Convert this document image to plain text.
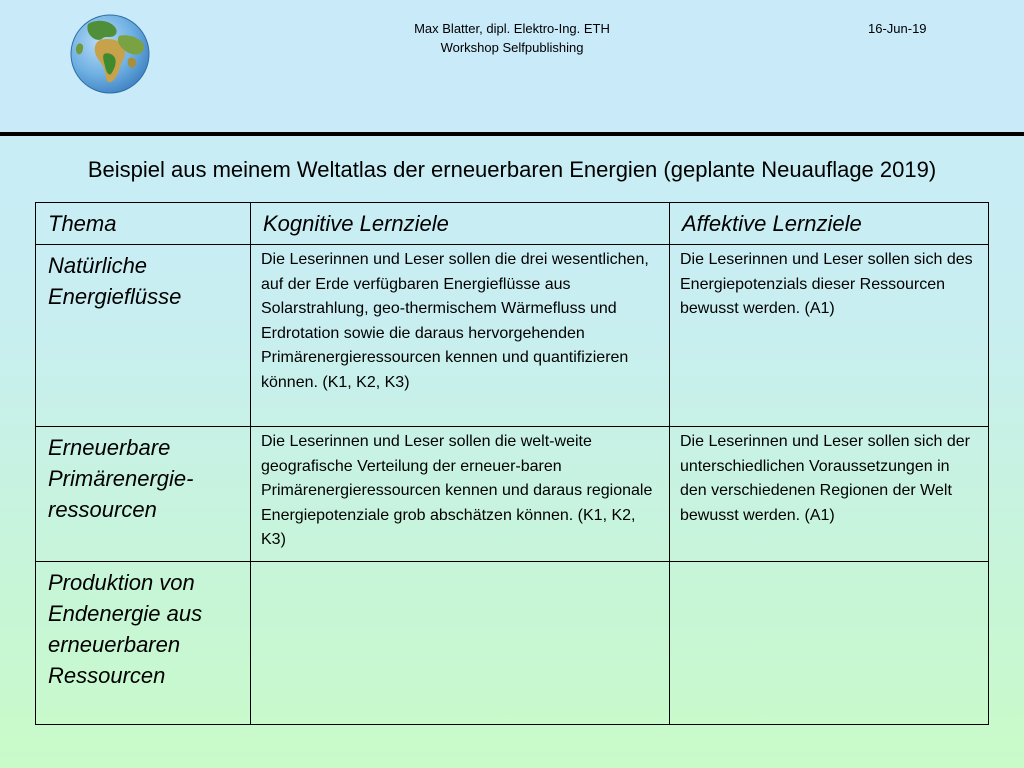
Max Blatter, dipl. Elektro-Ing. ETH
Workshop Selfpublishing
16-Jun-19
Beispiel aus meinem Weltatlas der erneuerbaren Energien (geplante Neuauflage 2019)
Thema	Kognitive Lernziele	Affektive Lernziele
Natürliche Energieflüsse	Die Leserinnen und Leser sollen die drei wesentlichen, auf der Erde verfügbaren Energieflüsse aus Solarstrahlung, geo-thermischem Wärmefluss und Erdrotation sowie die daraus hervorgehenden Primärenergieressourcen kennen und quantifizieren können. (K1, K2, K3)	Die Leserinnen und Leser sollen sich des Energiepotenzials dieser Ressourcen bewusst werden. (A1)
Erneuerbare Primärenergie-ressourcen	Die Leserinnen und Leser sollen die welt-weite geografische Verteilung der erneuer-baren Primärenergieressourcen kennen und daraus regionale Energiepotenziale grob abschätzen können. (K1, K2, K3)	Die Leserinnen und Leser sollen sich der unterschiedlichen Voraussetzungen in den verschiedenen Regionen der Welt bewusst werden. (A1)
Produktion von Endenergie aus erneuerbaren Ressourcen		
